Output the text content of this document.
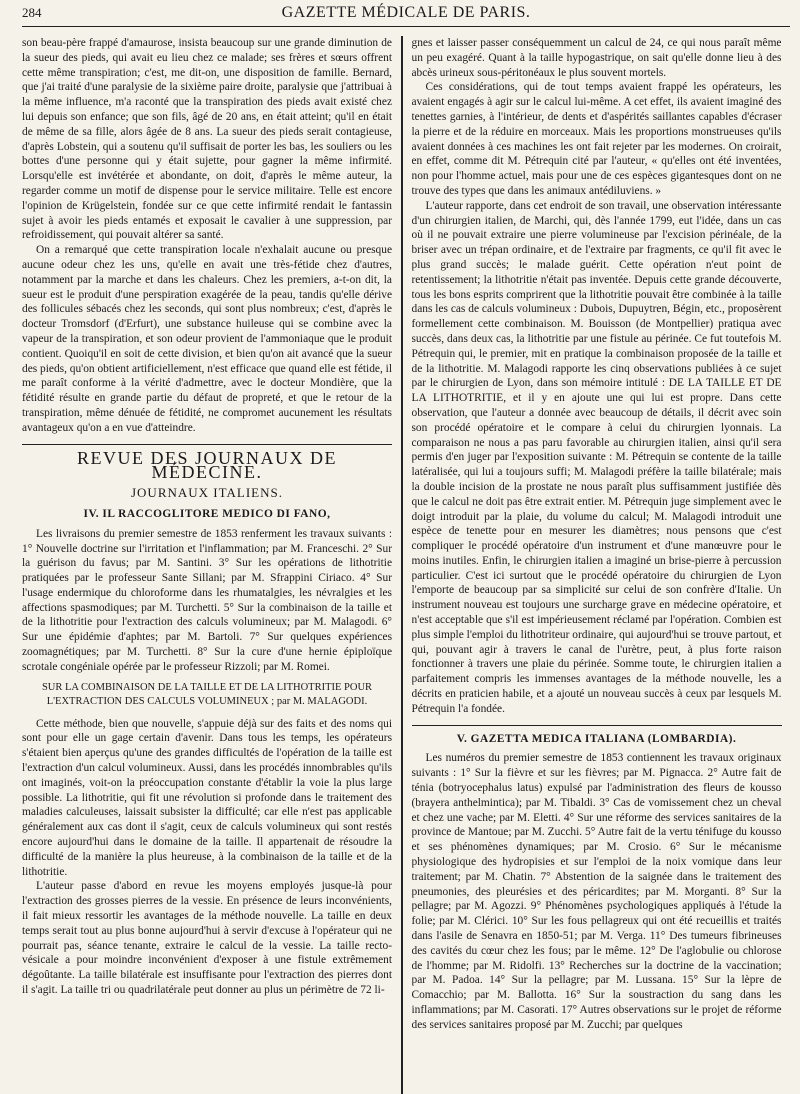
284	GAZETTE MÉDICALE DE PARIS.

son beau-père frappé d'amaurose, insista beaucoup sur une grande diminution de la sueur des pieds, qui avait eu lieu chez ce malade; ses frères et sœurs offrent cette même transpiration; c'est, me dit-on, une disposition de famille. Bernard, que j'ai traité d'une paralysie de la sixième paire droite, paralysie que j'attribuai à la même influence, m'a raconté que la transpiration des pieds avait existé chez lui depuis son enfance; que son fils, âgé de 20 ans, en était atteint; qu'il en était de même de sa fille, alors âgée de 8 ans. La sueur des pieds serait contagieuse, d'après Lobstein, qui a soutenu qu'il suffisait de porter les bas, les souliers ou les bottes d'une personne qui y était sujette, pour gagner la même infirmité. Lorsqu'elle est invétérée et abondante, on doit, d'après le même auteur, la regarder comme un motif de dispense pour le service militaire. Telle est encore l'opinion de Krügelstein, fondée sur ce que cette infirmité rendait le fantassin sujet à avoir les pieds entamés et exposait le cavalier à une suppression, par refroidissement, qui pouvait altérer sa santé.

On a remarqué que cette transpiration locale n'exhalait aucune ou presque aucune odeur chez les uns, qu'elle en avait une très-fétide chez d'autres, notamment par la marche et dans les chaleurs. Chez les premiers, a-t-on dit, la sueur est le produit d'une perspiration exagérée de la peau, tandis qu'elle dérive des follicules sébacés chez les seconds, qui sont plus nombreux; c'est, d'après le docteur Tromsdorf (d'Erfurt), une substance huileuse qui se combine avec la vapeur de la transpiration, et son odeur provient de l'ammoniaque que le produit contient. Quoiqu'il en soit de cette division, et bien qu'on ait avancé que la sueur des pieds, qu'on obtient artificiellement, n'est efficace que quand elle est fétide, il me paraît conforme à la vérité d'admettre, avec le docteur Mondière, que la fétidité résulte en grande partie du défaut de propreté, et que le retour de la transpiration, même dénuée de fétidité, ne compromet aucunement les résultats avantageux qu'on a en vue d'atteindre.

REVUE DES JOURNAUX DE MÉDECINE.
JOURNAUX ITALIENS.
IV. IL RACCOGLITORE MEDICO DI FANO,

Les livraisons du premier semestre de 1853 renferment les travaux suivants : 1° Nouvelle doctrine sur l'irritation et l'inflammation; par M. Franceschi. 2° Sur la guérison du favus; par M. Santini. 3° Sur les opérations de lithotritie pratiquées par le professeur Sante Sillani; par M. Sfrappini Ciriaco. 4° Sur l'usage endermique du chloroforme dans les rhumatalgies, les névralgies et les affections spasmodiques; par M. Turchetti. 5° Sur la combinaison de la taille et de la lithotritie pour l'extraction des calculs volumineux; par M. Malagodi. 6° Sur une épidémie d'aphtes; par M. Bartoli. 7° Sur quelques expériences zoomagnétiques; par M. Turchetti. 8° Sur la cure d'une hernie épiploïque scrotale congéniale opérée par le professeur Rizzoli; par M. Romei.

SUR LA COMBINAISON DE LA TAILLE ET DE LA LITHOTRITIE POUR L'EXTRACTION DES CALCULS VOLUMINEUX ; par M. MALAGODI.

Cette méthode, bien que nouvelle, s'appuie déjà sur des faits et des noms qui sont pour elle un gage certain d'avenir. Dans tous les temps, les opérateurs s'étaient bien aperçus qu'une des grandes difficultés de l'opération de la taille est l'extraction d'un calcul volumineux. Aussi, dans les procédés innombrables qu'ils ont imaginés, voit-on la préoccupation constante d'établir la voie la plus large possible. La lithotritie, qui fit une révolution si profonde dans le traitement des maladies calculeuses, laissait subsister la difficulté; car elle n'est pas applicable généralement aux cas dont il s'agit, ceux de calculs volumineux qui sont restés encore aujourd'hui dans le domaine de la taille. Il appartenait de résoudre la difficulté de la manière la plus heureuse, à la combinaison de la taille et de la lithotritie.

L'auteur passe d'abord en revue les moyens employés jusque-là pour l'extraction des grosses pierres de la vessie. En présence de leurs inconvénients, il fait mieux ressortir les avantages de la méthode nouvelle. La taille en deux temps serait tout au plus bonne aujourd'hui à servir d'excuse à l'opérateur qui ne pourrait pas, séance tenante, extraire le calcul de la vessie. La taille recto-vésicale a pour moindre inconvénient d'exposer à une fistule extrêmement dégoûtante. La taille bilatérale est insuffisante pour l'extraction des pierres dont il s'agit. La taille tri ou quadrilatérale peut donner au plus un périmètre de 72 li-

gnes et laisser passer conséquemment un calcul de 24, ce qui nous paraît même un peu exagéré. Quant à la taille hypogastrique, on sait qu'elle donne lieu à des abcès urineux sous-péritonéaux le plus souvent mortels.

Ces considérations, qui de tout temps avaient frappé les opérateurs, les avaient engagés à agir sur le calcul lui-même. A cet effet, ils avaient imaginé des tenettes garnies, à l'intérieur, de dents et d'aspérités saillantes capables d'écraser la pierre et de la réduire en morceaux. Mais les proportions monstrueuses qu'ils avaient données à ces machines les ont fait rejeter par les modernes. On croirait, en effet, comme dit M. Pétrequin cité par l'auteur, « qu'elles ont été inventées, non pour l'homme actuel, mais pour une de ces espèces gigantesques dont on ne trouve des types que dans les animaux antédiluviens. »

L'auteur rapporte, dans cet endroit de son travail, une observation intéressante d'un chirurgien italien, de Marchi, qui, dès l'année 1799, eut l'idée, dans un cas où il ne pouvait extraire une pierre volumineuse par l'excision périnéale, de la briser avec un trépan ordinaire, et de l'extraire par fragments, ce qu'il fit avec le plus grand succès; le malade guérit. Cette opération n'eut point de retentissement; la lithotritie n'était pas inventée. Depuis cette grande découverte, tous les bons esprits comprirent que la lithotritie pouvait être combinée à la taille dans les cas de calculs volumineux : Dubois, Dupuytren, Bégin, etc., proposèrent formellement cette combinaison. M. Bouisson (de Montpellier) pratiqua avec succès, dans deux cas, la lithotritie par une fistule au périnée. Ce fut toutefois M. Pétrequin qui, le premier, mit en pratique la combinaison proposée de la taille et de la lithotritie. M. Malagodi rapporte les cinq observations publiées à ce sujet par le chirurgien de Lyon, dans son mémoire intitulé : DE LA TAILLE ET DE LA LITHOTRITIE, et il y en ajoute une qui lui est propre. Dans cette observation, que l'auteur a donnée avec beaucoup de détails, il décrit avec soin son procédé opératoire et le compare à celui du chirurgien lyonnais. La comparaison ne nous a pas paru favorable au chirurgien italien, ainsi qu'il sera permis d'en juger par l'exposition suivante : M. Pétrequin se contente de la taille latéralisée, qui lui a toujours suffi; M. Malagodi préfère la taille bilatérale; mais la double incision de la prostate ne nous paraît plus suffisamment justifiée dès que le calcul ne doit pas être extrait entier. M. Pétrequin juge simplement avec le doigt introduit par la plaie, du volume du calcul; M. Malagodi introduit une espèce de tenette pour en mesurer les diamètres; nous pensons que c'est compliquer le procédé opératoire d'un instrument et d'une manœuvre pour le moins inutiles. Enfin, le chirurgien italien a imaginé un brise-pierre à percussion particulier. C'est ici surtout que le procédé opératoire du chirurgien de Lyon l'emporte de beaucoup par sa simplicité sur celui de son confrère d'Italie. Un instrument nouveau est toujours une surcharge grave en médecine opératoire, et n'est acceptable que s'il est impérieusement réclamé par l'opération. Combien est plus simple l'emploi du lithotriteur ordinaire, qui aujourd'hui se trouve partout, et qui, pouvant agir à travers le canal de l'urètre, peut, à plus forte raison fonctionner à travers une plaie du périnée. Somme toute, le chirurgien italien a parfaitement compris les immenses avantages de la méthode nouvelle, les a décrits en praticien habile, et a ajouté un nouveau succès à ceux par lesquels M. Pétrequin l'a fondée.

V. GAZETTA MEDICA ITALIANA (LOMBARDIA).

Les numéros du premier semestre de 1853 contiennent les travaux originaux suivants : 1° Sur la fièvre et sur les fièvres; par M. Pignacca. 2° Autre fait de ténia (botryocephalus latus) expulsé par l'administration des fleurs de kousso (brayera anthelmintica); par M. Tibaldi. 3° Cas de vomissement chez un cheval et chez une vache; par M. Eletti. 4° Sur une réforme des services sanitaires de la province de Mantoue; par M. Zucchi. 5° Autre fait de la vertu ténifuge du kousso et ses phénomènes dynamiques; par M. Crosio. 6° Sur le mécanisme physiologique des hydropisies et sur l'emploi de la noix vomique dans leur traitement; par M. Chatin. 7° Abstention de la saignée dans le traitement des pneumonies, des pleurésies et des péricardites; par M. Morganti. 8° Sur la pellagre; par M. Agozzi. 9° Phénomènes psychologiques appliqués à l'étude la folie; par M. Clérici. 10° Sur les fous pellagreux qui ont été recueillis et traités dans l'asile de Senavra en 1850-51; par M. Verga. 11° Des tumeurs fibrineuses des cavités du cœur chez les fous; par le même. 12° De l'aglobulie ou chlorose de l'homme; par M. Ridolfi. 13° Recherches sur la doctrine de la vaccination; par M. Padoa. 14° Sur la pellagre; par M. Lussana. 15° Sur la lèpre de Comacchio; par M. Ballotta. 16° Sur la soustraction du sang dans les inflammations; par M. Casorati. 17° Autres observations sur le projet de réforme des services sanitaires proposé par M. Zucchi; par quelques
